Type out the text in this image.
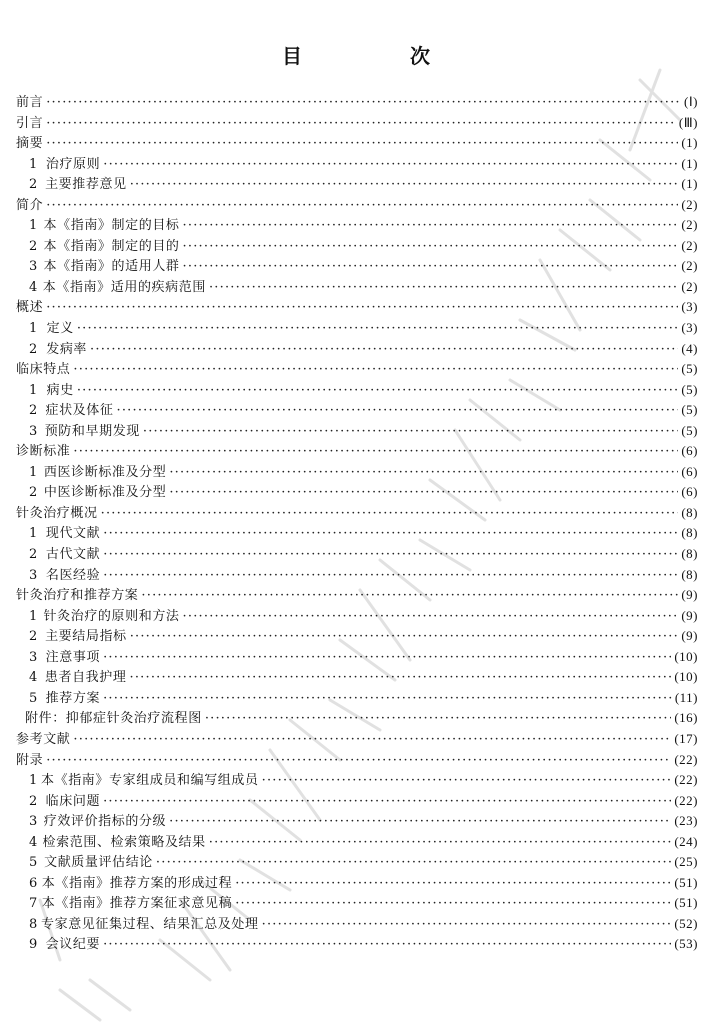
目　次
前言 ·····	(Ⅰ)
引言 ·····	(Ⅲ)
摘要 ·····	(1)
1 治疗原则 ·····	(1)
2 主要推荐意见 ·····	(1)
简介 ·····	(2)
1 本《指南》制定的目标 ·····	(2)
2 本《指南》制定的目的 ·····	(2)
3 本《指南》的适用人群 ·····	(2)
4 本《指南》适用的疾病范围 ·····	(2)
概述 ·····	(3)
1 定义 ·····	(3)
2 发病率 ·····	(4)
临床特点 ·····	(5)
1 病史 ·····	(5)
2 症状及体征 ·····	(5)
3 预防和早期发现 ·····	(5)
诊断标准 ·····	(6)
1 西医诊断标准及分型 ·····	(6)
2 中医诊断标准及分型 ·····	(6)
针灸治疗概况 ·····	(8)
1 现代文献 ·····	(8)
2 古代文献 ·····	(8)
3 名医经验 ·····	(8)
针灸治疗和推荐方案 ·····	(9)
1 针灸治疗的原则和方法 ·····	(9)
2 主要结局指标 ·····	(9)
3 注意事项 ·····	(10)
4 患者自我护理 ·····	(10)
5 推荐方案 ·····	(11)
附件：抑郁症针灸治疗流程图 ·····	(16)
参考文献 ·····	(17)
附录 ·····	(22)
1 本《指南》专家组成员和编写组成员 ·····	(22)
2 临床问题 ·····	(22)
3 疗效评价指标的分级 ·····	(23)
4 检索范围、检索策略及结果 ·····	(24)
5 文献质量评估结论 ·····	(25)
6 本《指南》推荐方案的形成过程 ·····	(51)
7 本《指南》推荐方案征求意见稿 ·····	(51)
8 专家意见征集过程、结果汇总及处理 ·····	(52)
9 会议纪要 ·····	(53)
